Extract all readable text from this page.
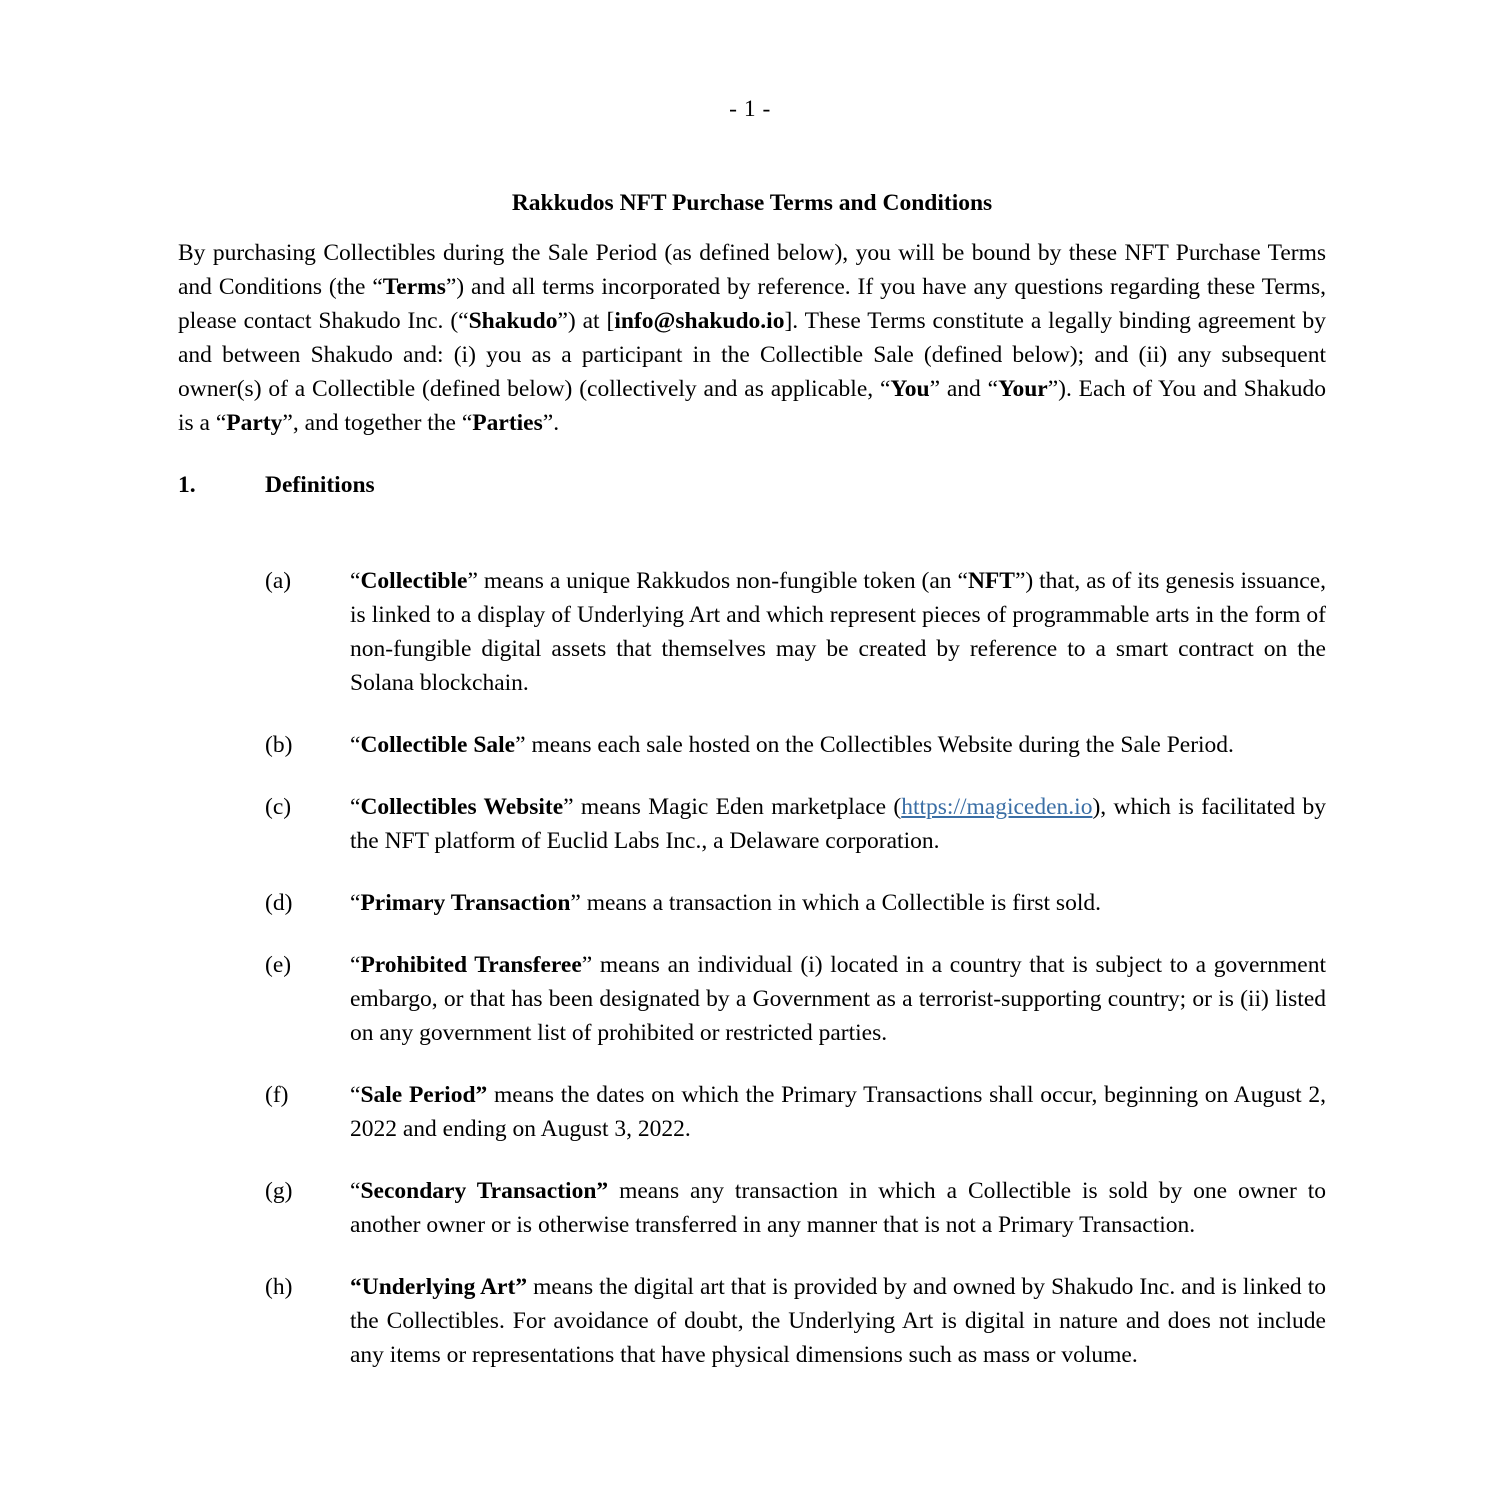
- 1 -
Rakkudos NFT Purchase Terms and Conditions

By purchasing Collectibles during the Sale Period (as defined below), you will be bound by these NFT Purchase Terms and Conditions (the “Terms”) and all terms incorporated by reference. If you have any questions regarding these Terms, please contact Shakudo Inc. (“Shakudo”) at [info@shakudo.io]. These Terms constitute a legally binding agreement by and between Shakudo and: (i) you as a participant in the Collectible Sale (defined below); and (ii) any subsequent owner(s) of a Collectible (defined below) (collectively and as applicable, “You” and “Your”). Each of You and Shakudo is a “Party”, and together the “Parties”.

1.	Definitions
(a)	“Collectible” means a unique Rakkudos non-fungible token (an “NFT”) that, as of its genesis issuance, is linked to a display of Underlying Art and which represent pieces of programmable arts in the form of non-fungible digital assets that themselves may be created by reference to a smart contract on the Solana blockchain.
(b)	“Collectible Sale” means each sale hosted on the Collectibles Website during the Sale Period.
(c)	“Collectibles Website” means Magic Eden marketplace (https://magiceden.io), which is facilitated by the NFT platform of Euclid Labs Inc., a Delaware corporation.
(d)	“Primary Transaction” means a transaction in which a Collectible is first sold.
(e)	“Prohibited Transferee” means an individual (i) located in a country that is subject to a government embargo, or that has been designated by a Government as a terrorist-supporting country; or is (ii) listed on any government list of prohibited or restricted parties.
(f)	“Sale Period” means the dates on which the Primary Transactions shall occur, beginning on August 2, 2022 and ending on August 3, 2022.
(g)	“Secondary Transaction” means any transaction in which a Collectible is sold by one owner to another owner or is otherwise transferred in any manner that is not a Primary Transaction.
(h)	“Underlying Art” means the digital art that is provided by and owned by Shakudo Inc. and is linked to the Collectibles. For avoidance of doubt, the Underlying Art is digital in nature and does not include any items or representations that have physical dimensions such as mass or volume.
